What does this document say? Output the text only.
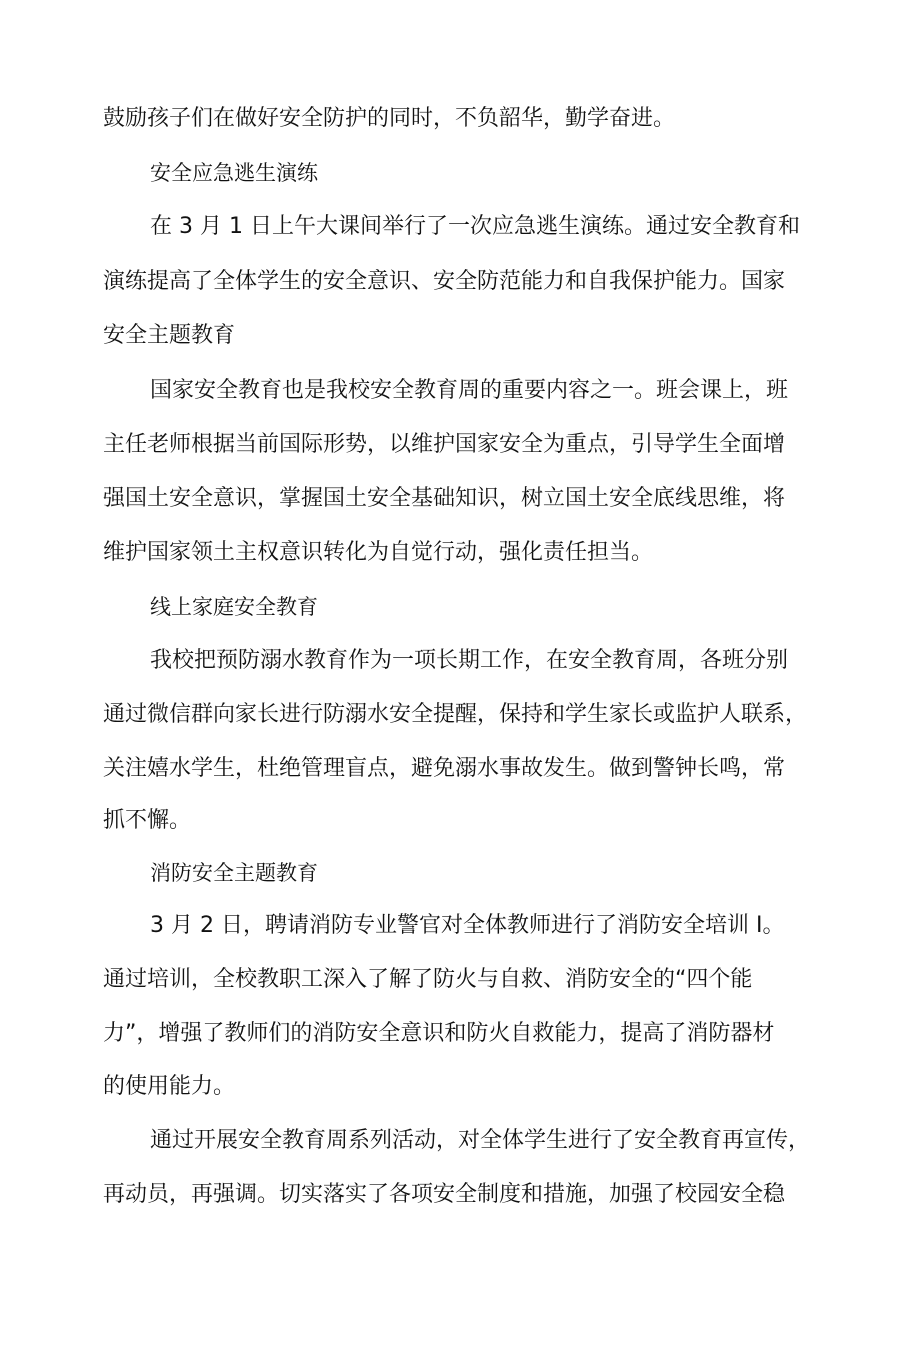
鼓励孩子们在做好安全防护的同时，不负韶华，勤学奋进。
安全应急逃生演练
在 3 月 1 日上午大课间举行了一次应急逃生演练。通过安全教育和
演练提高了全体学生的安全意识、安全防范能力和自我保护能力。国家
安全主题教育
国家安全教育也是我校安全教育周的重要内容之一。班会课上，班
主任老师根据当前国际形势，以维护国家安全为重点，引导学生全面增
强国土安全意识，掌握国土安全基础知识，树立国土安全底线思维，将
维护国家领土主权意识转化为自觉行动，强化责任担当。
线上家庭安全教育
我校把预防溺水教育作为一项长期工作，在安全教育周，各班分别
通过微信群向家长进行防溺水安全提醒，保持和学生家长或监护人联系，
关注嬉水学生，杜绝管理盲点，避免溺水事故发生。做到警钟长鸣，常
抓不懈。
消防安全主题教育
3 月 2 日，聘请消防专业警官对全体教师进行了消防安全培训 I。
通过培训，全校教职工深入了解了防火与自救、消防安全的“四个能
力”，增强了教师们的消防安全意识和防火自救能力，提高了消防器材
的使用能力。
通过开展安全教育周系列活动，对全体学生进行了安全教育再宣传，
再动员，再强调。切实落实了各项安全制度和措施，加强了校园安全稳
